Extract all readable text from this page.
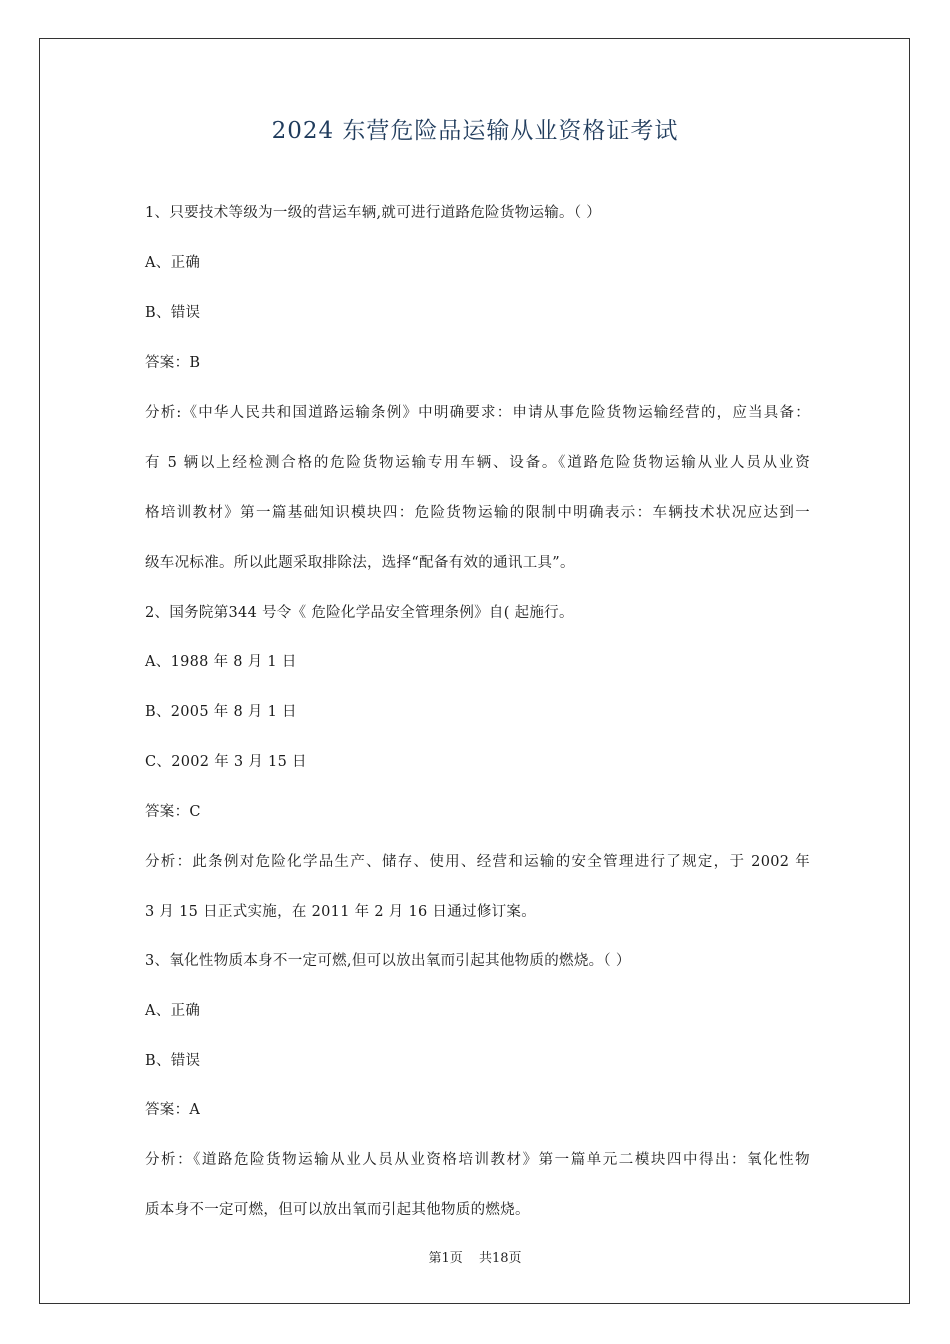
2024 东营危险品运输从业资格证考试
1、只要技术等级为一级的营运车辆,就可进行道路危险货物运输。（ ）
A、正确
B、错误
答案：B
分析:《中华人民共和国道路运输条例》中明确要求：申请从事危险货物运输经营的，应当具备：
有 5 辆以上经检测合格的危险货物运输专用车辆、设备。《道路危险货物运输从业人员从业资
格培训教材》第一篇基础知识模块四：危险货物运输的限制中明确表示：车辆技术状况应达到一
级车况标准。所以此题采取排除法，选择“配备有效的通讯工具”。
2、国务院第344 号令《 危险化学品安全管理条例》自( 起施行。
A、1988 年 8 月 1 日
B、2005 年 8 月 1 日
C、2002 年 3 月 15 日
答案：C
分析：此条例对危险化学品生产、储存、使用、经营和运输的安全管理进行了规定，于 2002 年
3 月 15 日正式实施，在 2011 年 2 月 16 日通过修订案。
3、氧化性物质本身不一定可燃,但可以放出氧而引起其他物质的燃烧。（ ）
A、正确
B、错误
答案：A
分析：《道路危险货物运输从业人员从业资格培训教材》第一篇单元二模块四中得出：氧化性物
质本身不一定可燃，但可以放出氧而引起其他物质的燃烧。
第1页 共18页
